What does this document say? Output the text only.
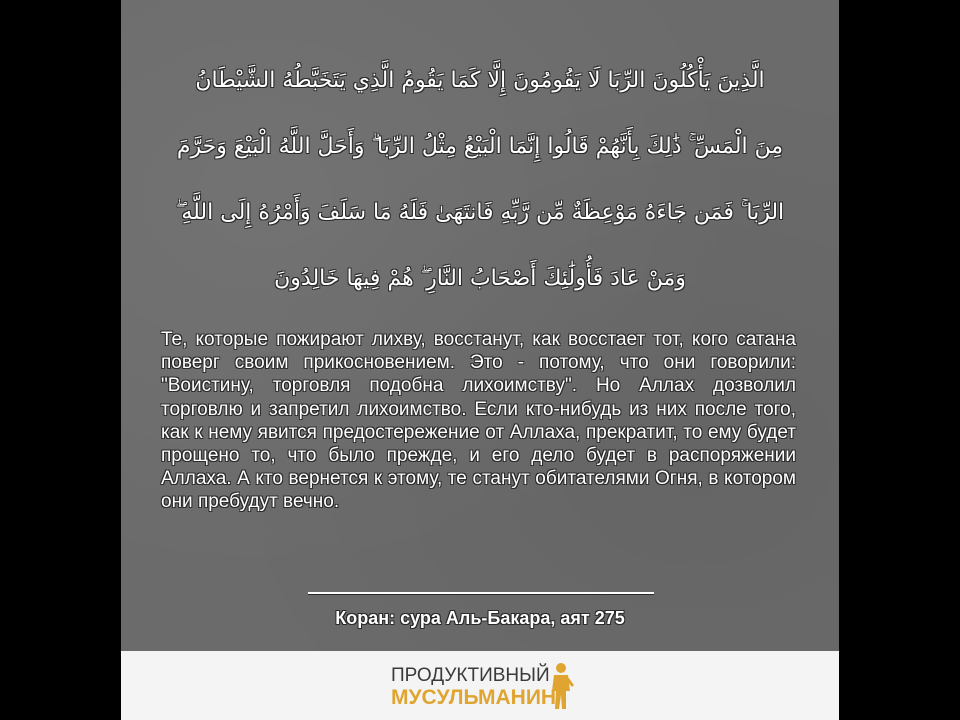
الَّذِينَ يَأْكُلُونَ الرِّبَا لَا يَقُومُونَ إِلَّا كَمَا يَقُومُ الَّذِي يَتَخَبَّطُهُ الشَّيْطَانُ
مِنَ الْمَسِّ ۚ ذَٰلِكَ بِأَنَّهُمْ قَالُوا إِنَّمَا الْبَيْعُ مِثْلُ الرِّبَا ۗ وَأَحَلَّ اللَّهُ الْبَيْعَ وَحَرَّمَ
الرِّبَا ۚ فَمَن جَاءَهُ مَوْعِظَةٌ مِّن رَّبِّهِ فَانتَهَىٰ فَلَهُ مَا سَلَفَ وَأَمْرُهُ إِلَى اللَّهِ ۖ
وَمَنْ عَادَ فَأُولَٰئِكَ أَصْحَابُ النَّارِ ۖ هُمْ فِيهَا خَالِدُونَ
Те, которые пожирают лихву, восстанут, как восстает тот, кого сатана поверг своим прикосновением. Это - потому, что они говорили: "Воистину, торговля подобна лихоимству". Но Аллах дозволил торговлю и запретил лихоимство. Если кто-нибудь из них после того, как к нему явится предостережение от Аллаха, прекратит, то ему будет прощено то, что было прежде, и его дело будет в распоряжении Аллаха. А кто вернется к этому, те станут обитателями Огня, в котором они пребудут вечно.
Коран: сура Аль-Бакара, аят 275
ПРОДУКТИВНЫЙ
МУСУЛЬМАНИН
